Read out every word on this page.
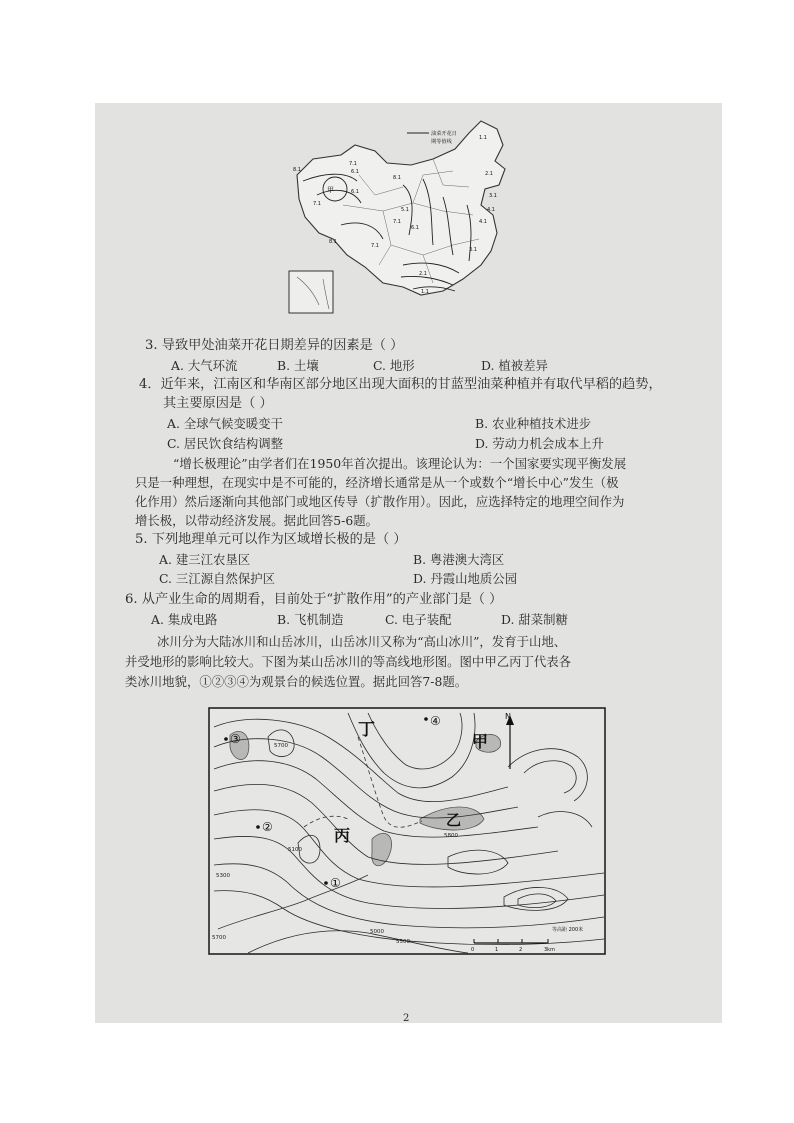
油菜开花日
期等值线
甲
8.1
7.1
6.1
7.1
6.1
8.1
7.1
5.1
6.1
7.1
8.1
4.1
3.1
2.1
1.1
1.1
2.1
3.1
4.1
3. 导致甲处油菜开花日期差异的因素是（ ）
A. 大气环流	B. 土壤	C. 地形	D. 植被差异
4．近年来，江南区和华南区部分地区出现大面积的甘蓝型油菜种植并有取代早稻的趋势，
其主要原因是（ ）
A. 全球气候变暖变干	B. 农业种植技术进步
C. 居民饮食结构调整	D. 劳动力机会成本上升
“增长极理论”由学者们在1950年首次提出。该理论认为：一个国家要实现平衡发展
只是一种理想，在现实中是不可能的，经济增长通常是从一个或数个“增长中心”发生（极
化作用）然后逐渐向其他部门或地区传导（扩散作用）。因此，应选择特定的地理空间作为
增长极，以带动经济发展。据此回答5-6题。
5. 下列地理单元可以作为区域增长极的是（ ）
A. 建三江农垦区	B. 粤港澳大湾区
C. 三江源自然保护区	D. 丹霞山地质公园
6. 从产业生命的周期看，目前处于“扩散作用”的产业部门是（ ）
A. 集成电路	B. 飞机制造	C. 电子装配	D. 甜菜制糖
冰川分为大陆冰川和山岳冰川，山岳冰川又称为“高山冰川”，发育于山地、
并受地形的影响比较大。下图为某山岳冰川的等高线地形图。图中甲乙丙丁代表各
类冰川地貌，①②③④为观景台的候选位置。据此回答7-8题。
丁
甲
乙
丙
③
②
④
①
N
5300
5000
5500
5700
5100
5800
5700
等高距 200米
0	1	2	3km
2
